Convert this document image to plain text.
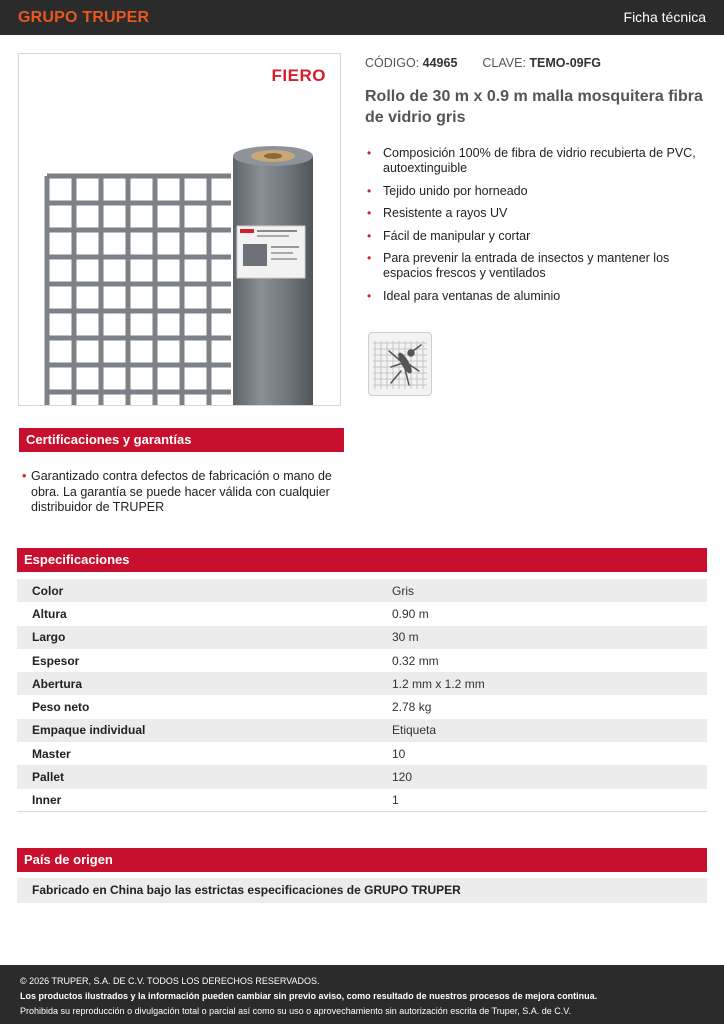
GRUPO TRUPER	Ficha técnica
FIERO
CÓDIGO: 44965 CLAVE: TEMO-09FG
Rollo de 30 m x 0.9 m malla mosquitera fibra de vidrio gris
• Composición 100% de fibra de vidrio recubierta de PVC, autoextinguible
• Tejido unido por horneado
• Resistente a rayos UV
• Fácil de manipular y cortar
• Para prevenir la entrada de insectos y mantener los espacios frescos y ventilados
• Ideal para ventanas de aluminio
Certificaciones y garantías
• Garantizado contra defectos de fabricación o mano de obra. La garantía se puede hacer válida con cualquier distribuidor de TRUPER
Especificaciones
Color	Gris
Altura	0.90 m
Largo	30 m
Espesor	0.32 mm
Abertura	1.2 mm x 1.2 mm
Peso neto	2.78 kg
Empaque individual	Etiqueta
Master	10
Pallet	120
Inner	1
País de origen
Fabricado en China bajo las estrictas especificaciones de GRUPO TRUPER
© 2026 TRUPER, S.A. DE C.V. TODOS LOS DERECHOS RESERVADOS.
Los productos ilustrados y la información pueden cambiar sin previo aviso, como resultado de nuestros procesos de mejora continua.
Prohibida su reproducción o divulgación total o parcial así como su uso o aprovechamiento sin autorización escrita de Truper, S.A. de C.V.
